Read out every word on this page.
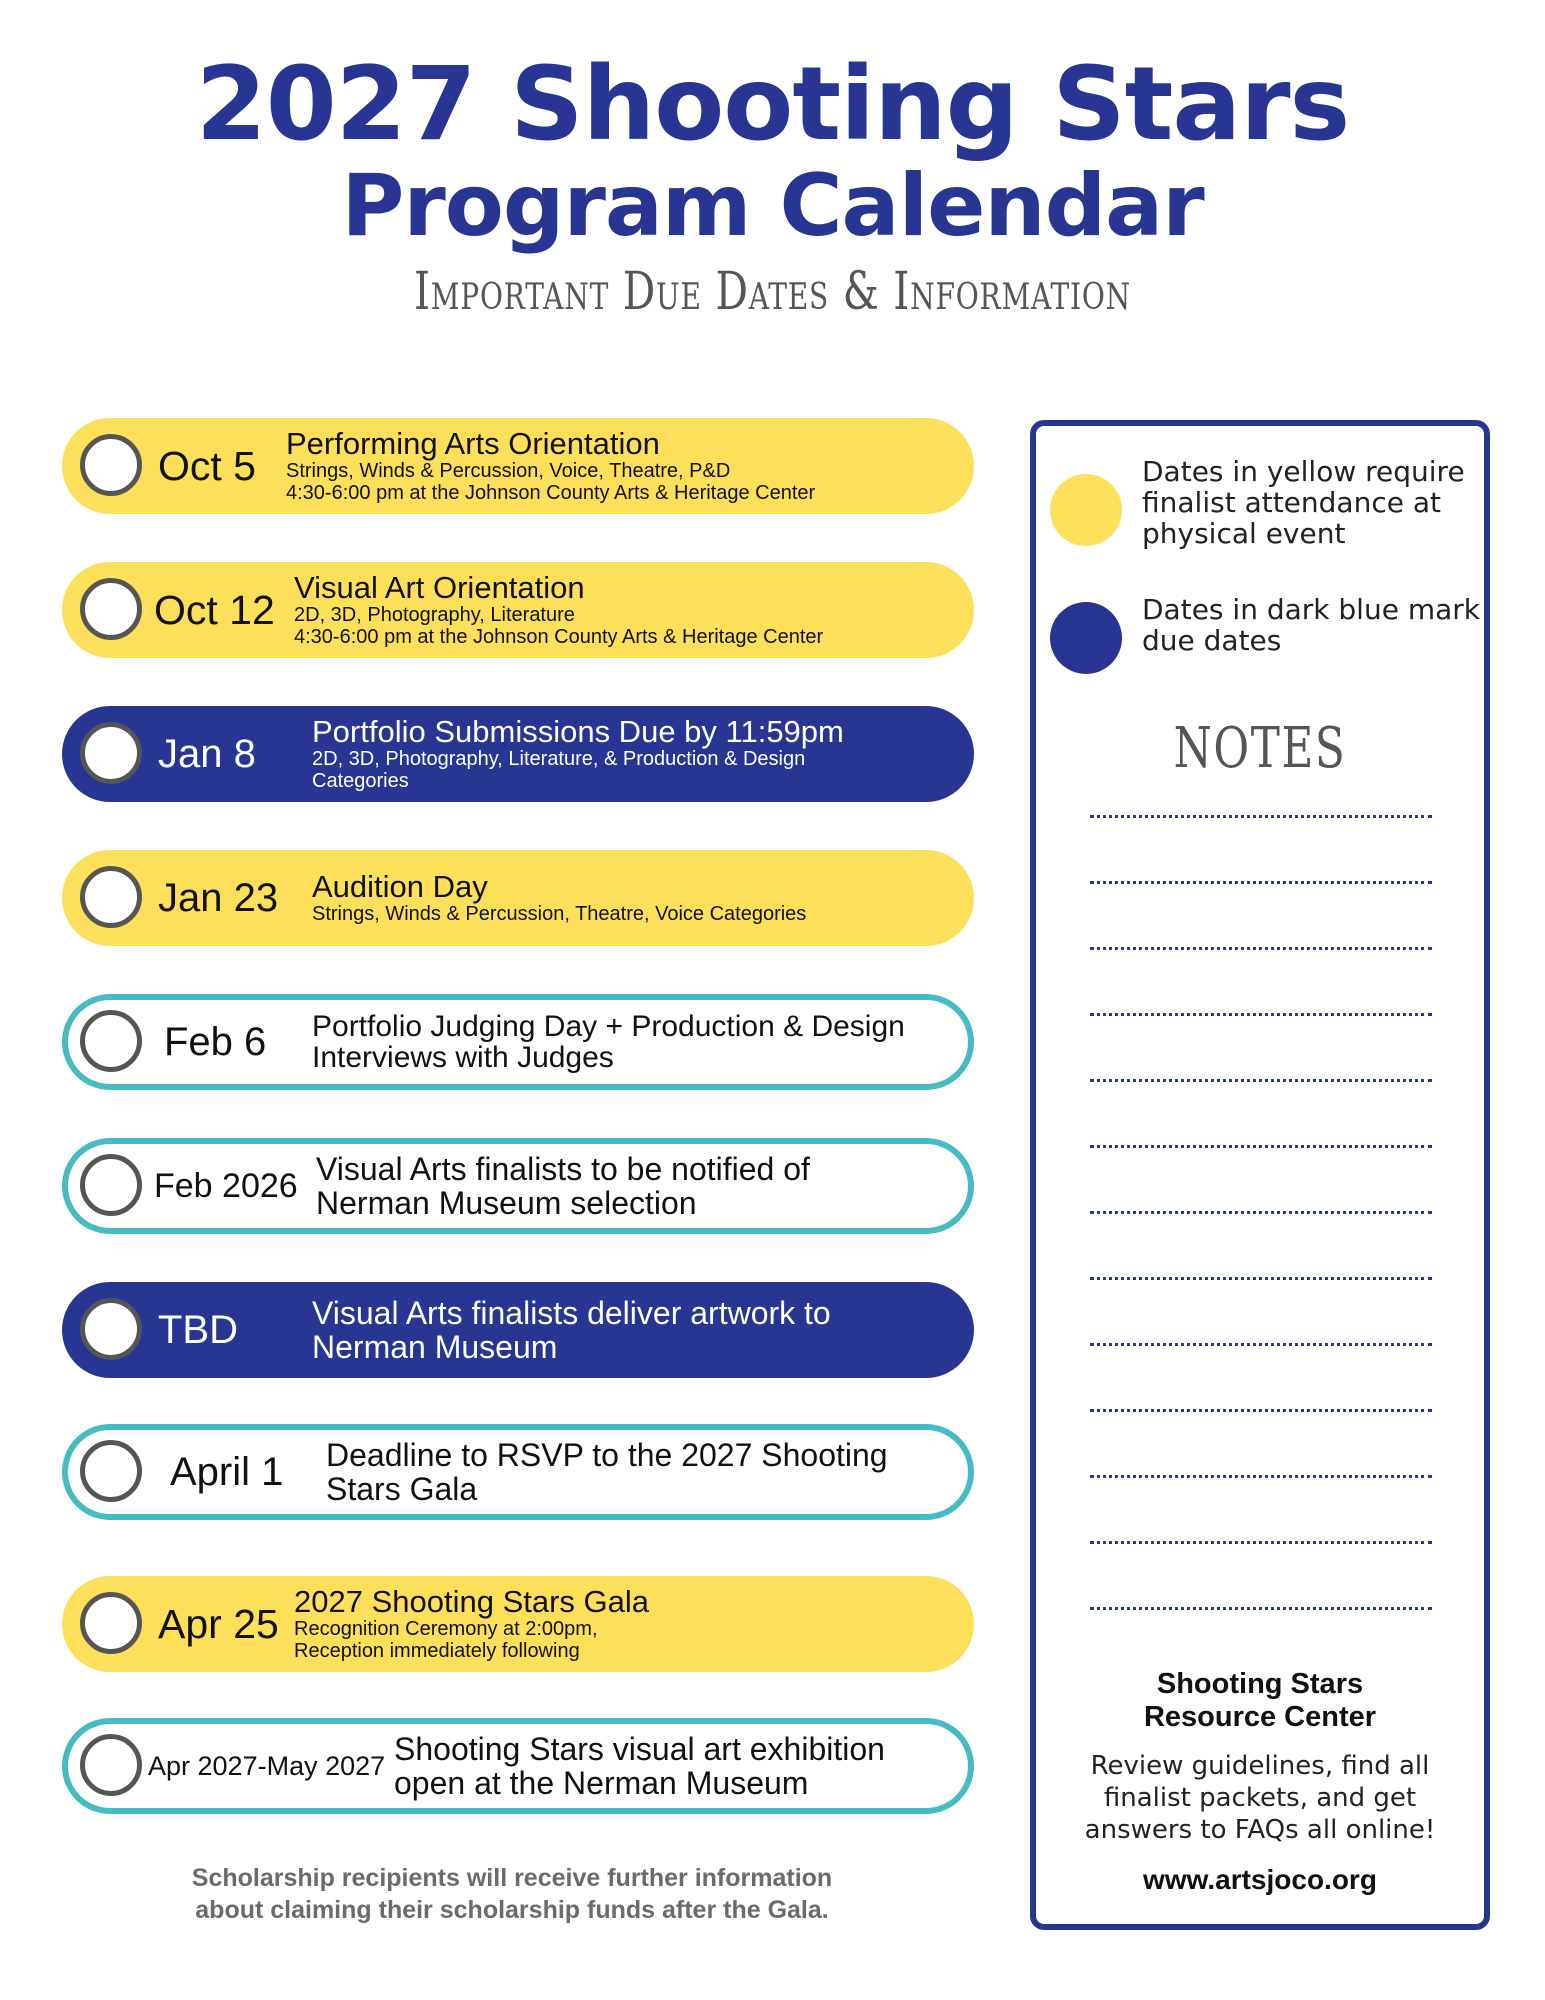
2027 Shooting Stars
Program Calendar
Important Due Dates & Information
Oct 5 Performing Arts Orientation
Strings, Winds & Percussion, Voice, Theatre, P&D
4:30-6:00 pm at the Johnson County Arts & Heritage Center
Oct 12 Visual Art Orientation
2D, 3D, Photography, Literature
4:30-6:00 pm at the Johnson County Arts & Heritage Center
Jan 8
Portfolio Submissions Due by 11:59pm
2D, 3D, Photography, Literature, & Production & Design
Categories
Jan 23 Audition Day
Strings, Winds & Percussion, Theatre, Voice Categories
Feb 6 Portfolio Judging Day + Production & Design
Interviews with Judges
Feb 2026 Visual Arts finalists to be notified of
Nerman Museum selection
TBD Visual Arts finalists deliver artwork to
Nerman Museum
April 1 Deadline to RSVP to the 2027 Shooting
Stars Gala
Apr 25 2027 Shooting Stars Gala
Recognition Ceremony at 2:00pm,
Reception immediately following
Apr 2027-May 2027 Shooting Stars visual art exhibition
open at the Nerman Museum
Scholarship recipients will receive further information
about claiming their scholarship funds after the Gala.
Dates in yellow require finalist attendance at physical event
Dates in dark blue mark due dates
NOTES
Shooting Stars
Resource Center
Review guidelines, find all finalist packets, and get answers to FAQs all online!
www.artsjoco.org
